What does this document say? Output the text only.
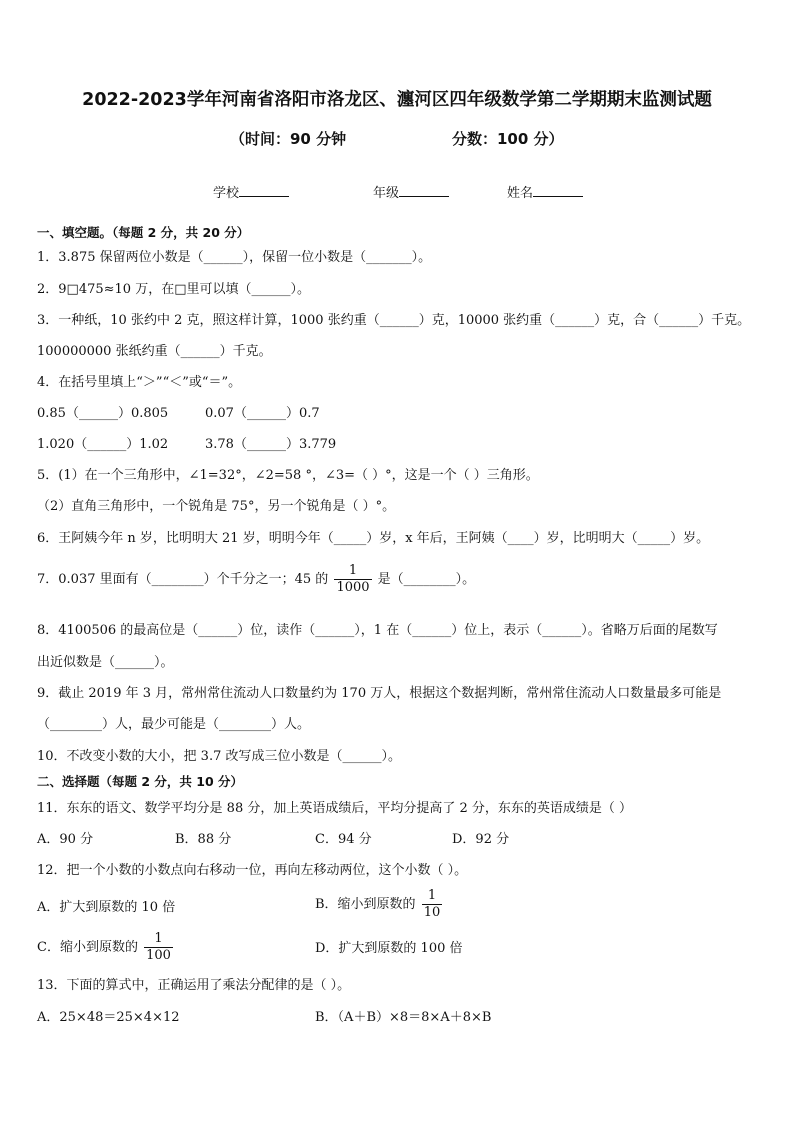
2022-2023学年河南省洛阳市洛龙区、瀍河区四年级数学第二学期期末监测试题
（时间：90 分钟	分数：100 分）
学校	年级	姓名
一、填空题。（每题 2 分，共 20 分）
1．3.875 保留两位小数是（______），保留一位小数是（_______）。
2．9□475≈10 万，在□里可以填（______）。
3．一种纸，10 张约中 2 克，照这样计算，1000 张约重（______）克，10000 张约重（______）克，合（______）千克。
100000000 张纸约重（______）千克。
4．在括号里填上“＞”“＜”或“＝”。
0.85（______）0.805	0.07（______）0.7
1.020（______）1.02	3.78（______）3.779
5．(1）在一个三角形中，∠1=32°，∠2=58 °，∠3=（ ）°，这是一个（ ）三角形。
（2）直角三角形中，一个锐角是 75°，另一个锐角是（ ）°。
6．王阿姨今年 n 岁，比明明大 21 岁，明明今年（_____）岁，x 年后，王阿姨（____）岁，比明明大（_____）岁。
7．0.037 里面有（________）个千分之一；45 的 $\frac{1}{1000}$ 是（________）。
8．4100506 的最高位是（______）位，读作（______），1 在（______）位上，表示（______）。省略万后面的尾数写
出近似数是（______）。
9．截止 2019 年 3 月，常州常住流动人口数量约为 170 万人，根据这个数据判断，常州常住流动人口数量最多可能是
（________）人，最少可能是（________）人。
10．不改变小数的大小，把 3.7 改写成三位小数是（______）。
二、选择题（每题 2 分，共 10 分）
11．东东的语文、数学平均分是 88 分，加上英语成绩后，平均分提高了 2 分，东东的英语成绩是（ ）
A．90 分	B．88 分	C．94 分	D．92 分
12．把一个小数的小数点向右移动一位，再向左移动两位，这个小数（ ）。
A．扩大到原数的 10 倍	B．缩小到原数的 $\frac{1}{10}$
C．缩小到原数的 $\frac{1}{100}$	D．扩大到原数的 100 倍
13．下面的算式中，正确运用了乘法分配律的是（ ）。
A．25×48＝25×4×12	B．（A＋B）×8＝8×A＋8×B
